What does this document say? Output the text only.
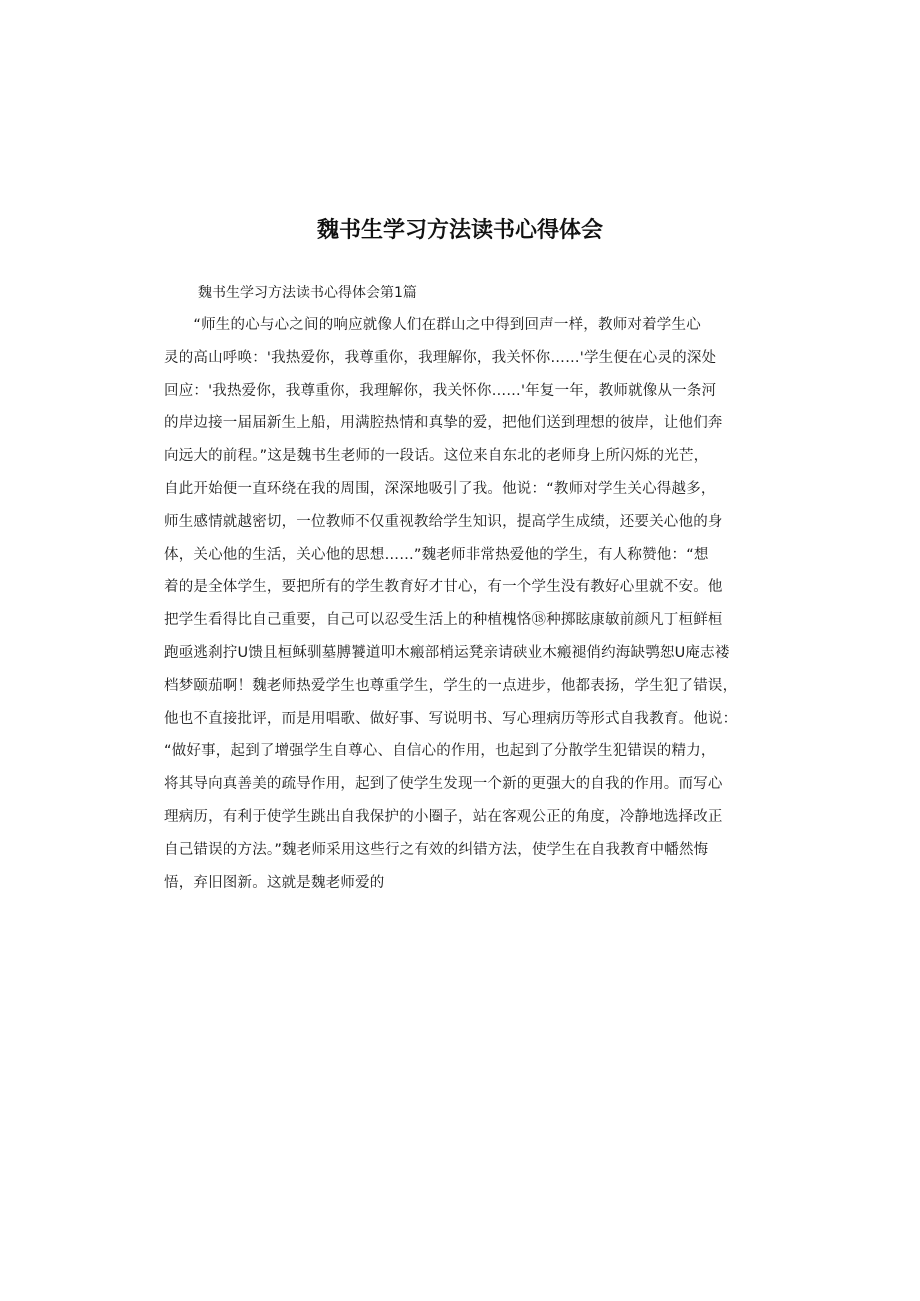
魏书生学习方法读书心得体会

魏书生学习方法读书心得体会第1篇

　　“师生的心与心之间的响应就像人们在群山之中得到回声一样，教师对着学生心
灵的高山呼唤：'我热爱你，我尊重你，我理解你，我关怀你……'学生便在心灵的深处
回应：'我热爱你，我尊重你，我理解你，我关怀你……'年复一年，教师就像从一条河
的岸边接一届届新生上船，用满腔热情和真挚的爱，把他们送到理想的彼岸，让他们奔
向远大的前程。”这是魏书生老师的一段话。这位来自东北的老师身上所闪烁的光芒，
自此开始便一直环绕在我的周围，深深地吸引了我。他说：“教师对学生关心得越多，
师生感情就越密切，一位教师不仅重视教给学生知识，提高学生成绩，还要关心他的身
体，关心他的生活，关心他的思想……”魏老师非常热爱他的学生，有人称赞他：“想
着的是全体学生，要把所有的学生教育好才甘心，有一个学生没有教好心里就不安。他
把学生看得比自己重要，自己可以忍受生活上的种植槐恪⑱种掷眩康敏前颜凡丁桓鲜桓
跑亟逃刹拧U馈且桓稣驯墓膊饕道叩木瘢部梢运凳亲请硖业木瘢褪俏约海缺鹗恕U庵志褛
档梦颐茄啊！魏老师热爱学生也尊重学生，学生的一点进步，他都表扬，学生犯了错误，
他也不直接批评，而是用唱歌、做好事、写说明书、写心理病历等形式自我教育。他说：
“做好事，起到了增强学生自尊心、自信心的作用，也起到了分散学生犯错误的精力，
将其导向真善美的疏导作用，起到了使学生发现一个新的更强大的自我的作用。而写心
理病历，有利于使学生跳出自我保护的小圈子，站在客观公正的角度，冷静地选择改正
自己错误的方法。”魏老师采用这些行之有效的纠错方法，使学生在自我教育中幡然悔
悟，弃旧图新。这就是魏老师爱的
